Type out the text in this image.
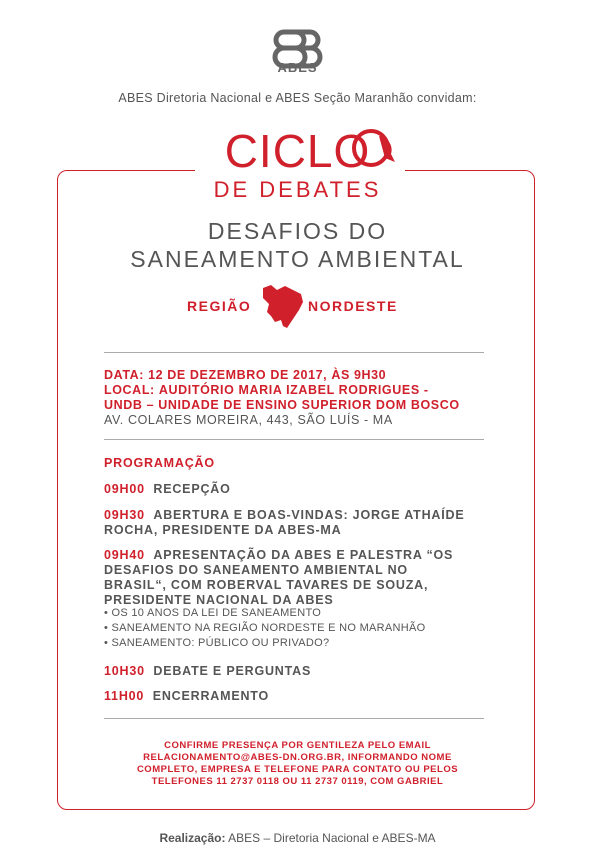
ABES
ABES Diretoria Nacional e ABES Seção Maranhão convidam:
CICLO
DE DEBATES
DESAFIOS DO
SANEAMENTO AMBIENTAL
REGIÃO	NORDESTE
DATA: 12 DE DEZEMBRO DE 2017, ÀS 9H30
LOCAL: AUDITÓRIO MARIA IZABEL RODRIGUES -
UNDB – UNIDADE DE ENSINO SUPERIOR DOM BOSCO
AV. COLARES MOREIRA, 443, SÃO LUÍS - MA
PROGRAMAÇÃO
09H00 RECEPÇÃO
09H30 ABERTURA E BOAS-VINDAS: JORGE ATHAÍDE
ROCHA, PRESIDENTE DA ABES-MA
09H40 APRESENTAÇÃO DA ABES E PALESTRA “OS
DESAFIOS DO SANEAMENTO AMBIENTAL NO
BRASIL“, COM ROBERVAL TAVARES DE SOUZA,
PRESIDENTE NACIONAL DA ABES
• OS 10 ANOS DA LEI DE SANEAMENTO
• SANEAMENTO NA REGIÃO NORDESTE E NO MARANHÃO
• SANEAMENTO: PÚBLICO OU PRIVADO?
10H30 DEBATE E PERGUNTAS
11H00 ENCERRAMENTO
CONFIRME PRESENÇA POR GENTILEZA PELO EMAIL
RELACIONAMENTO@ABES-DN.ORG.BR, INFORMANDO NOME
COMPLETO, EMPRESA E TELEFONE PARA CONTATO OU PELOS
TELEFONES 11 2737 0118 OU 11 2737 0119, COM GABRIEL
Realização: ABES – Diretoria Nacional e ABES-MA
